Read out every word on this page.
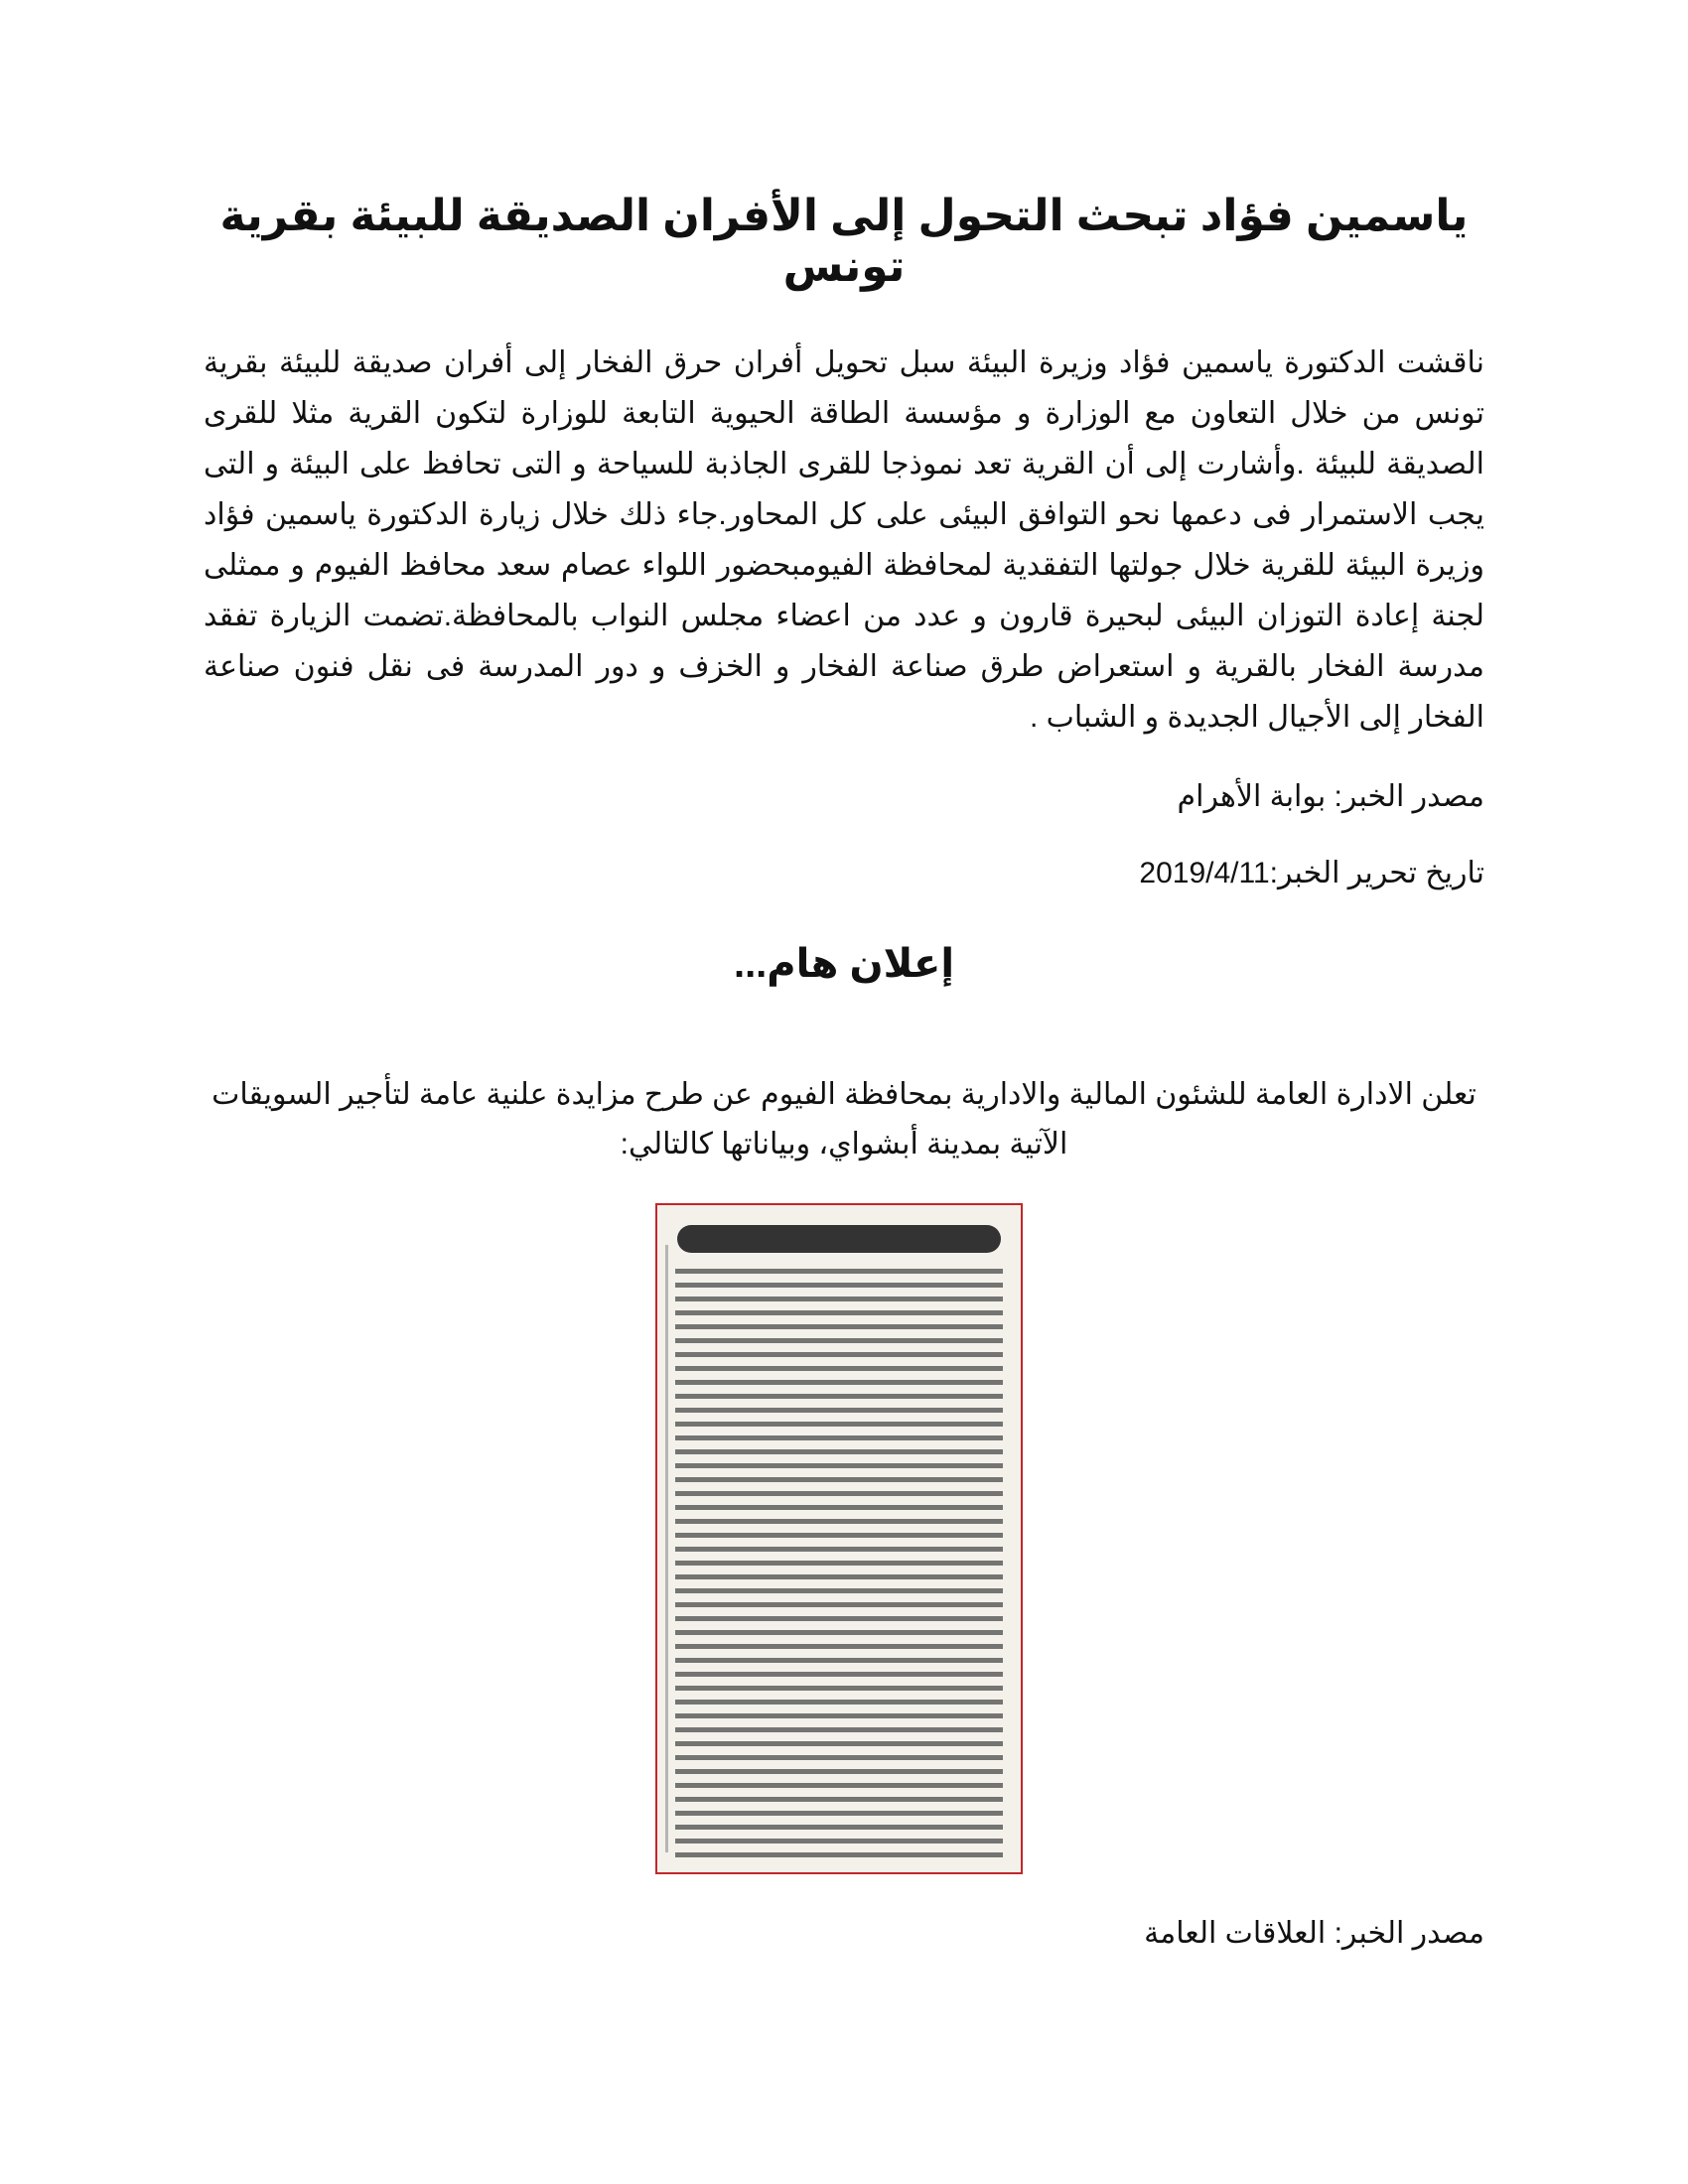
ياسمين فؤاد تبحث التحول إلى الأفران الصديقة للبيئة بقرية تونس

ناقشت الدكتورة ياسمين فؤاد وزيرة البيئة سبل تحويل أفران حرق الفخار إلى أفران صديقة للبيئة بقرية تونس من خلال التعاون مع الوزارة و مؤسسة الطاقة الحيوية التابعة للوزارة لتكون القرية مثلا للقرى الصديقة للبيئة .وأشارت إلى أن القرية تعد نموذجا للقرى الجاذبة للسياحة و التى تحافظ على البيئة و التى يجب الاستمرار فى دعمها نحو التوافق البيئى على كل المحاور.جاء ذلك خلال زيارة الدكتورة ياسمين فؤاد وزيرة البيئة للقرية خلال جولتها التفقدية لمحافظة الفيومبحضور اللواء عصام سعد محافظ الفيوم و ممثلى لجنة إعادة التوزان البيئى لبحيرة قارون و عدد من اعضاء مجلس النواب بالمحافظة.تضمت الزيارة تفقد مدرسة الفخار بالقرية و استعراض طرق صناعة الفخار و الخزف و دور المدرسة فى نقل فنون صناعة الفخار إلى الأجيال الجديدة و الشباب .

مصدر الخبر: بوابة الأهرام

تاريخ تحرير الخبر:2019/4/11

إعلان هام...

تعلن الادارة العامة للشئون المالية والادارية بمحافظة الفيوم عن طرح مزايدة علنية عامة لتأجير السويقات الآتية بمدينة أبشواي، وبياناتها كالتالي:

مصدر الخبر: العلاقات العامة
